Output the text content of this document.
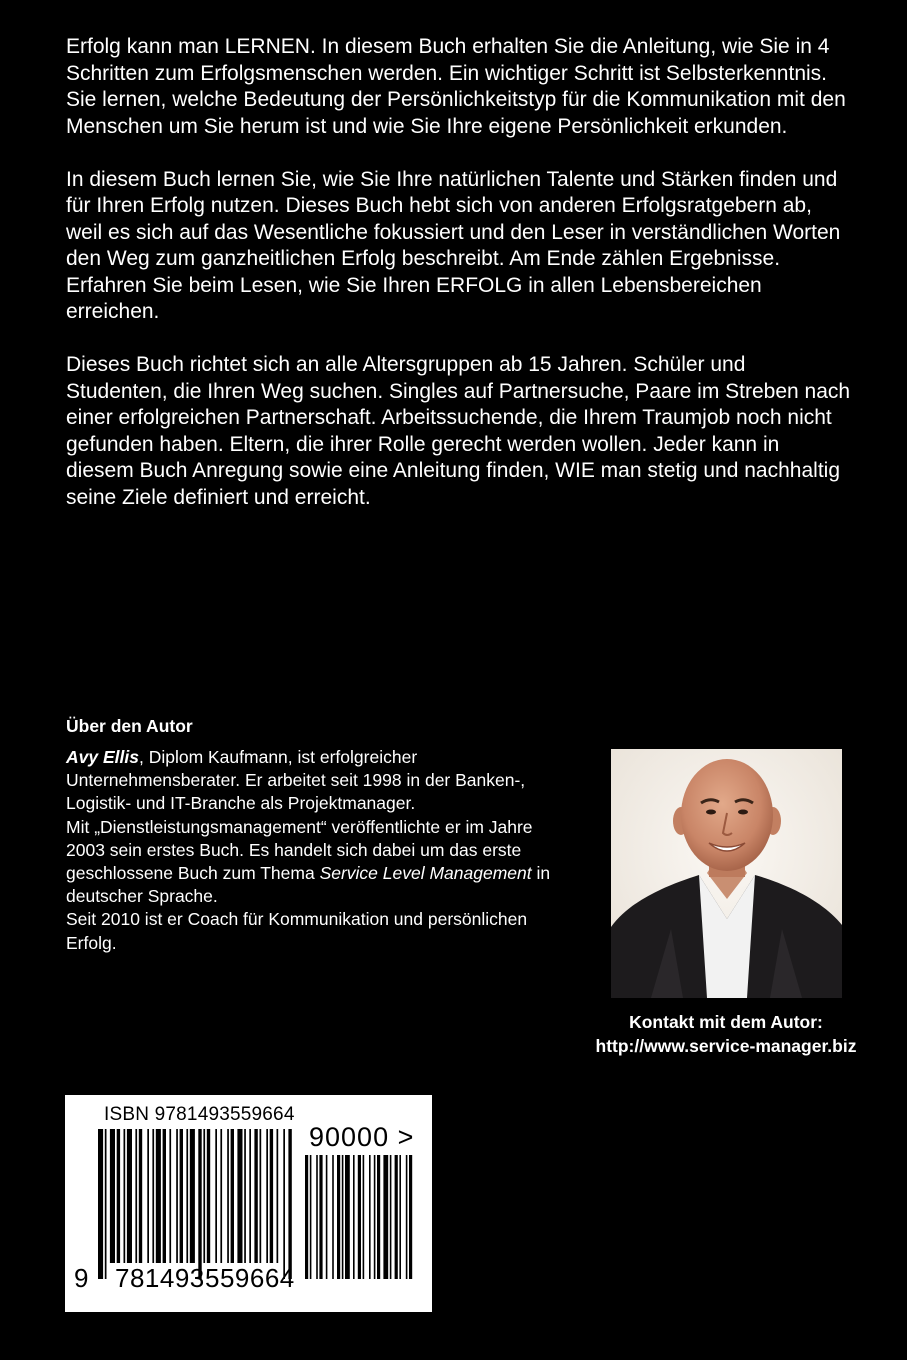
Erfolg kann man LERNEN. In diesem Buch erhalten Sie die Anleitung, wie Sie in 4 Schritten zum Erfolgsmenschen werden. Ein wichtiger Schritt ist Selbsterkenntnis. Sie lernen, welche Bedeutung der Persönlichkeitstyp für die Kommunikation mit den Menschen um Sie herum ist und wie Sie Ihre eigene Persönlichkeit erkunden.

In diesem Buch lernen Sie, wie Sie Ihre natürlichen Talente und Stärken finden und für Ihren Erfolg nutzen. Dieses Buch hebt sich von anderen Erfolgsratgebern ab, weil es sich auf das Wesentliche fokussiert und den Leser in verständlichen Worten den Weg zum ganzheitlichen Erfolg beschreibt. Am Ende zählen Ergebnisse.

Erfahren Sie beim Lesen, wie Sie Ihren ERFOLG in allen Lebensbereichen erreichen.

Dieses Buch richtet sich an alle Altersgruppen ab 15 Jahren. Schüler und Studenten, die Ihren Weg suchen. Singles auf Partnersuche, Paare im Streben nach einer erfolgreichen Partnerschaft. Arbeitssuchende, die Ihrem Traumjob noch nicht gefunden haben. Eltern, die ihrer Rolle gerecht werden wollen. Jeder kann in diesem Buch Anregung sowie eine Anleitung finden, WIE man stetig und nachhaltig seine Ziele definiert und erreicht.

Über den Autor
Avy Ellis, Diplom Kaufmann, ist erfolgreicher Unternehmensberater. Er arbeitet seit 1998 in der Banken-, Logistik- und IT-Branche als Projektmanager.
Mit „Dienstleistungsmanagement“ veröffentlichte er im Jahre 2003 sein erstes Buch. Es handelt sich dabei um das erste geschlossene Buch zum Thema Service Level Management in deutscher Sprache.
Seit 2010 ist er Coach für Kommunikation und persönlichen Erfolg.
Kontakt mit dem Autor:
http://www.service-manager.biz
ISBN 9781493559664
90000 >
9 781493 559664
